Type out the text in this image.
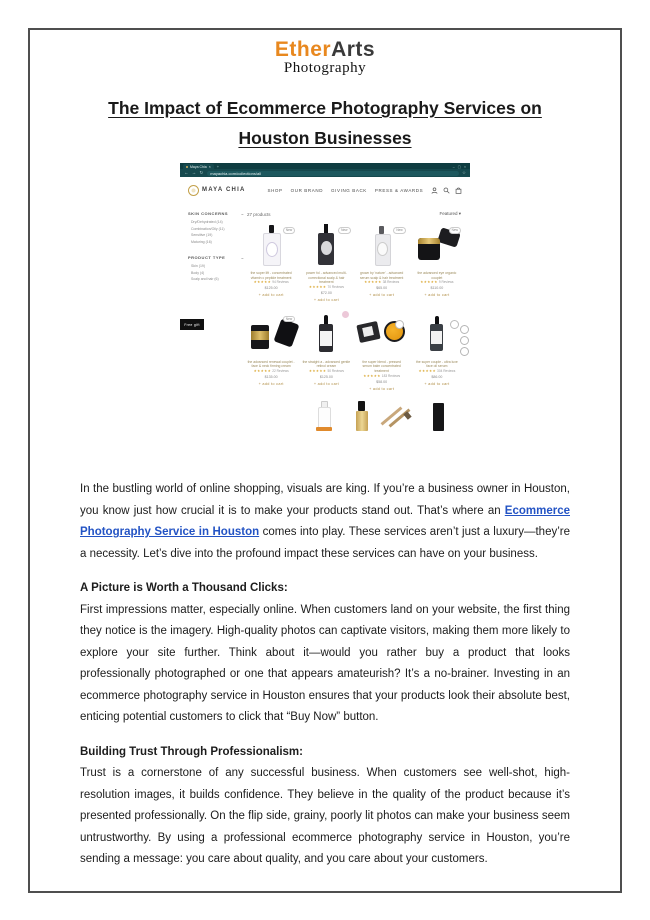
EtherArts
Photography
The Impact of Ecommerce Photography Services on
Houston Businesses
Maya Chia × +	– ▢ ×
← → ↻ mayachia.com/collections/all	☆
MAYA CHIA	SHOP OUR BRAND GIVING BACK PRESS & AWARDS
SKIN CONCERNS	–
Dry/Dehydrated (14)
Combination/Oily (11)
Sensitive (19)
Maturing (16)
PRODUCT TYPE	–
Skin (19)
Body (4)
Scalp and hair (6)
27 products	Featured ▾
New
the super lift - concentrated vitamin c peptide treatment
★★★★★94 Reviews
$125.00
+ add to cart
New
power fol - advanced multi-correctional scalp & hair treatment
★★★★★70 Reviews
$72.00
+ add to cart
New
grown by 'nature' - advanced serum scalp & hair treatment
★★★★★38 Reviews
$65.00
+ add to cart
New
the advanced eye organic couplet
★★★★★9 Reviews
$110.00
+ add to cart
New
the advanced renewal couplet - face & neck firming cream
★★★★★22 Reviews
$135.00
+ add to cart
the straight a - advanced gentle retinol cream
★★★★★50 Reviews
$125.00
+ add to cart
the super blend - pressed serum balm concentrated treatment
★★★★★183 Reviews
$58.00
+ add to cart
the super couple - ultra luxe face oil serum
★★★★★304 Reviews
$86.00
+ add to cart
Free gift

In the bustling world of online shopping, visuals are king. If you’re a business owner in Houston, you know just how crucial it is to make your products stand out. That’s where an Ecommerce Photography Service in Houston comes into play. These services aren’t just a luxury—they’re a necessity. Let’s dive into the profound impact these services can have on your business.

A Picture is Worth a Thousand Clicks:

First impressions matter, especially online. When customers land on your website, the first thing they notice is the imagery. High-quality photos can captivate visitors, making them more likely to explore your site further. Think about it—would you rather buy a product that looks professionally photographed or one that appears amateurish? It’s a no-brainer. Investing in an ecommerce photography service in Houston ensures that your products look their absolute best, enticing potential customers to click that “Buy Now” button.

Building Trust Through Professionalism:

Trust is a cornerstone of any successful business. When customers see well-shot, high-resolution images, it builds confidence. They believe in the quality of the product because it’s presented professionally. On the flip side, grainy, poorly lit photos can make your business seem untrustworthy. By using a professional ecommerce photography service in Houston, you’re sending a message: you care about quality, and you care about your customers.
